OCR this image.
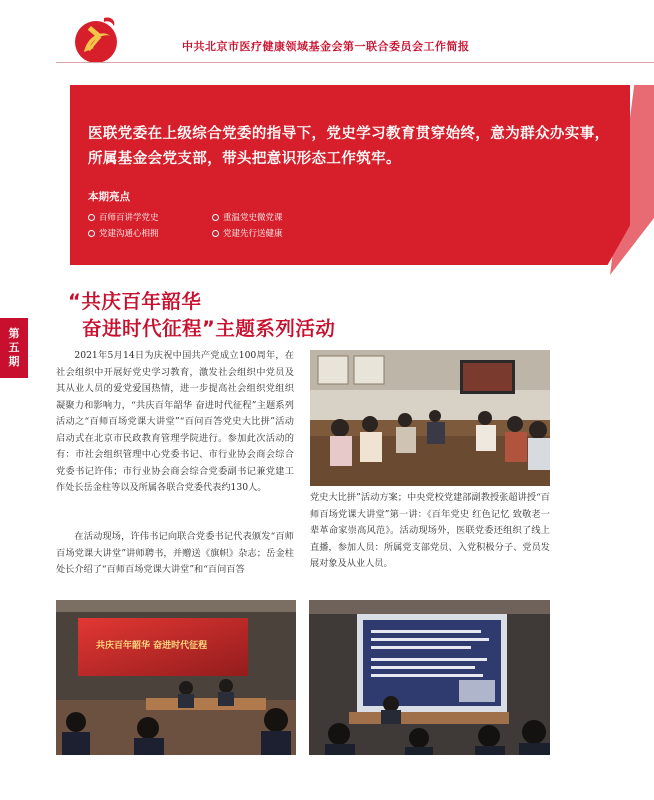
中共北京市医疗健康领域基金会第一联合委员会工作简报
医联党委在上级综合党委的指导下，党史学习教育贯穿始终，意为群众办实事，所属基金会党支部，带头把意识形态工作筑牢。
本期亮点
百师百讲学党史	重温党史微党课
党建沟通心相拥	党建先行送健康
第
五
期
“共庆百年韶华
奋进时代征程”主题系列活动
2021年5月14日为庆祝中国共产党成立100周年，在社会组织中开展好党史学习教育，激发社会组织中党员及其从业人员的爱党爱国热情，进一步提高社会组织党组织凝聚力和影响力，“共庆百年韶华 奋进时代征程”主题系列活动之“百师百场党课大讲堂”“百问百答党史大比拼”活动启动式在北京市民政教育管理学院进行。参加此次活动的有：市社会组织管理中心党委书记、市行业协会商会综合党委书记许伟；市行业协会商会综合党委副书记兼党建工作处长岳金柱等以及所属各联合党委代表约130人。
在活动现场，许伟书记向联合党委书记代表颁发“百师百场党课大讲堂”讲师聘书，并赠送《旗帜》杂志；岳金柱处长介绍了“百师百场党课大讲堂”和“百问百答
党史大比拼”活动方案；中央党校党建部副教授张超讲授“百师百场党课大讲堂”第一讲：《百年党史 红色记忆 致敬老一辈革命家崇高风范》。活动现场外，医联党委还组织了线上直播，参加人员：所属党支部党员、入党积极分子、党员发展对象及从业人员。
共庆百年韶华 奋进时代征程
